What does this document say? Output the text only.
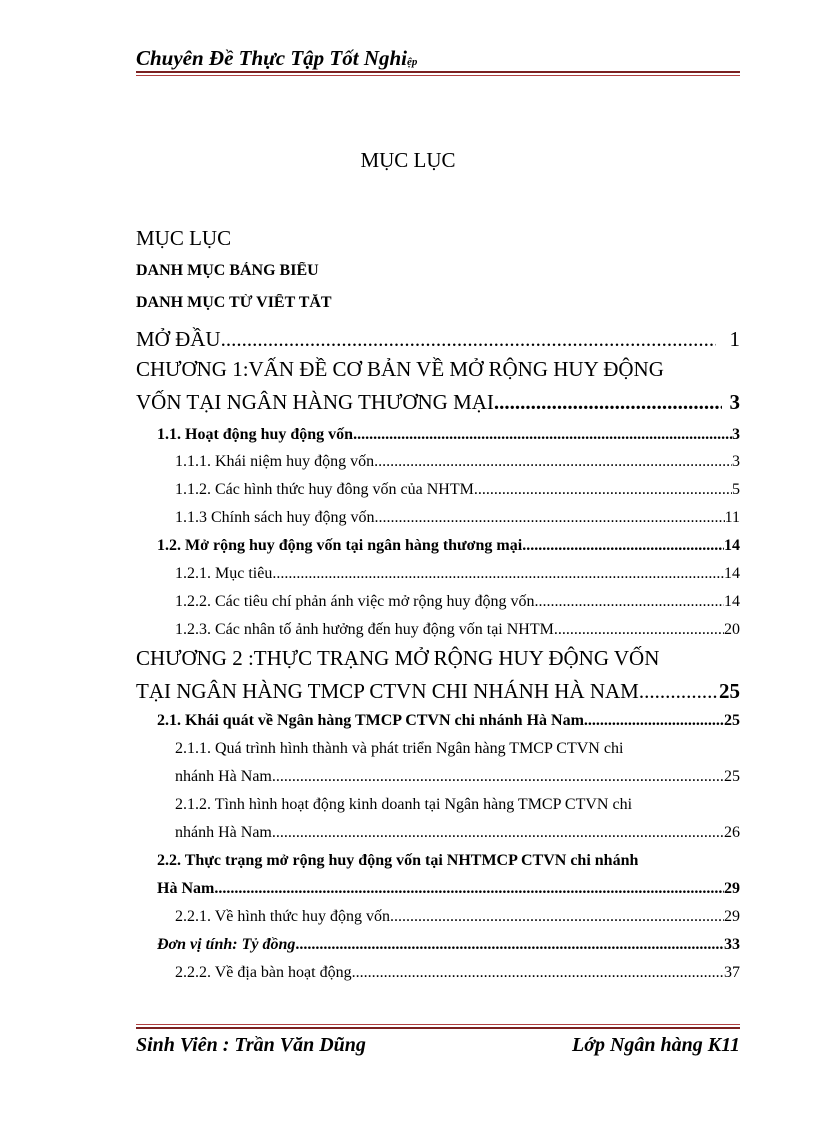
Chuyên Đề Thực Tập Tốt Nghiệp
MỤC LỤC
MỤC LỤC
DANH MỤC BẢNG BIỂU
DANH MỤC TỪ VIẾT TẮT
MỞ ĐẦU .....	1
CHƯƠNG 1:VẤN ĐỀ CƠ BẢN VỀ MỞ RỘNG HUY ĐỘNG
VỐN TẠI NGÂN HÀNG THƯƠNG MẠI .....	3
1.1. Hoạt động huy động vốn .....	3
1.1.1. Khái niệm huy động vốn .....	3
1.1.2. Các hình thức huy đông vốn của NHTM .....	5
1.1.3 Chính sách huy động vốn .....	11
1.2. Mở rộng huy động vốn tại ngân hàng thương mại .....	14
1.2.1. Mục tiêu .....	14
1.2.2. Các tiêu chí phản ánh việc mở rộng huy động vốn .....	14
1.2.3. Các nhân tố ảnh hưởng đến huy động vốn tại NHTM .....	20
CHƯƠNG 2 :THỰC TRẠNG MỞ RỘNG HUY ĐỘNG VỐN
TẠI NGÂN HÀNG TMCP CTVN CHI NHÁNH HÀ NAM .....	25
2.1. Khái quát về Ngân hàng TMCP CTVN chi nhánh Hà Nam .....	25
2.1.1. Quá trình hình thành và phát triển Ngân hàng TMCP CTVN chi
nhánh Hà Nam .....	25
2.1.2. Tình hình hoạt động kinh doanh tại Ngân hàng TMCP CTVN chi
nhánh Hà Nam .....	26
2.2. Thực trạng mở rộng huy động vốn tại NHTMCP CTVN chi nhánh
Hà Nam .....	29
2.2.1. Về hình thức huy động vốn .....	29
Đơn vị tính: Tỷ đồng .....	33
2.2.2. Về địa bàn hoạt động .....	37
Sinh Viên : Trần Văn Dũng	Lớp Ngân hàng K11
